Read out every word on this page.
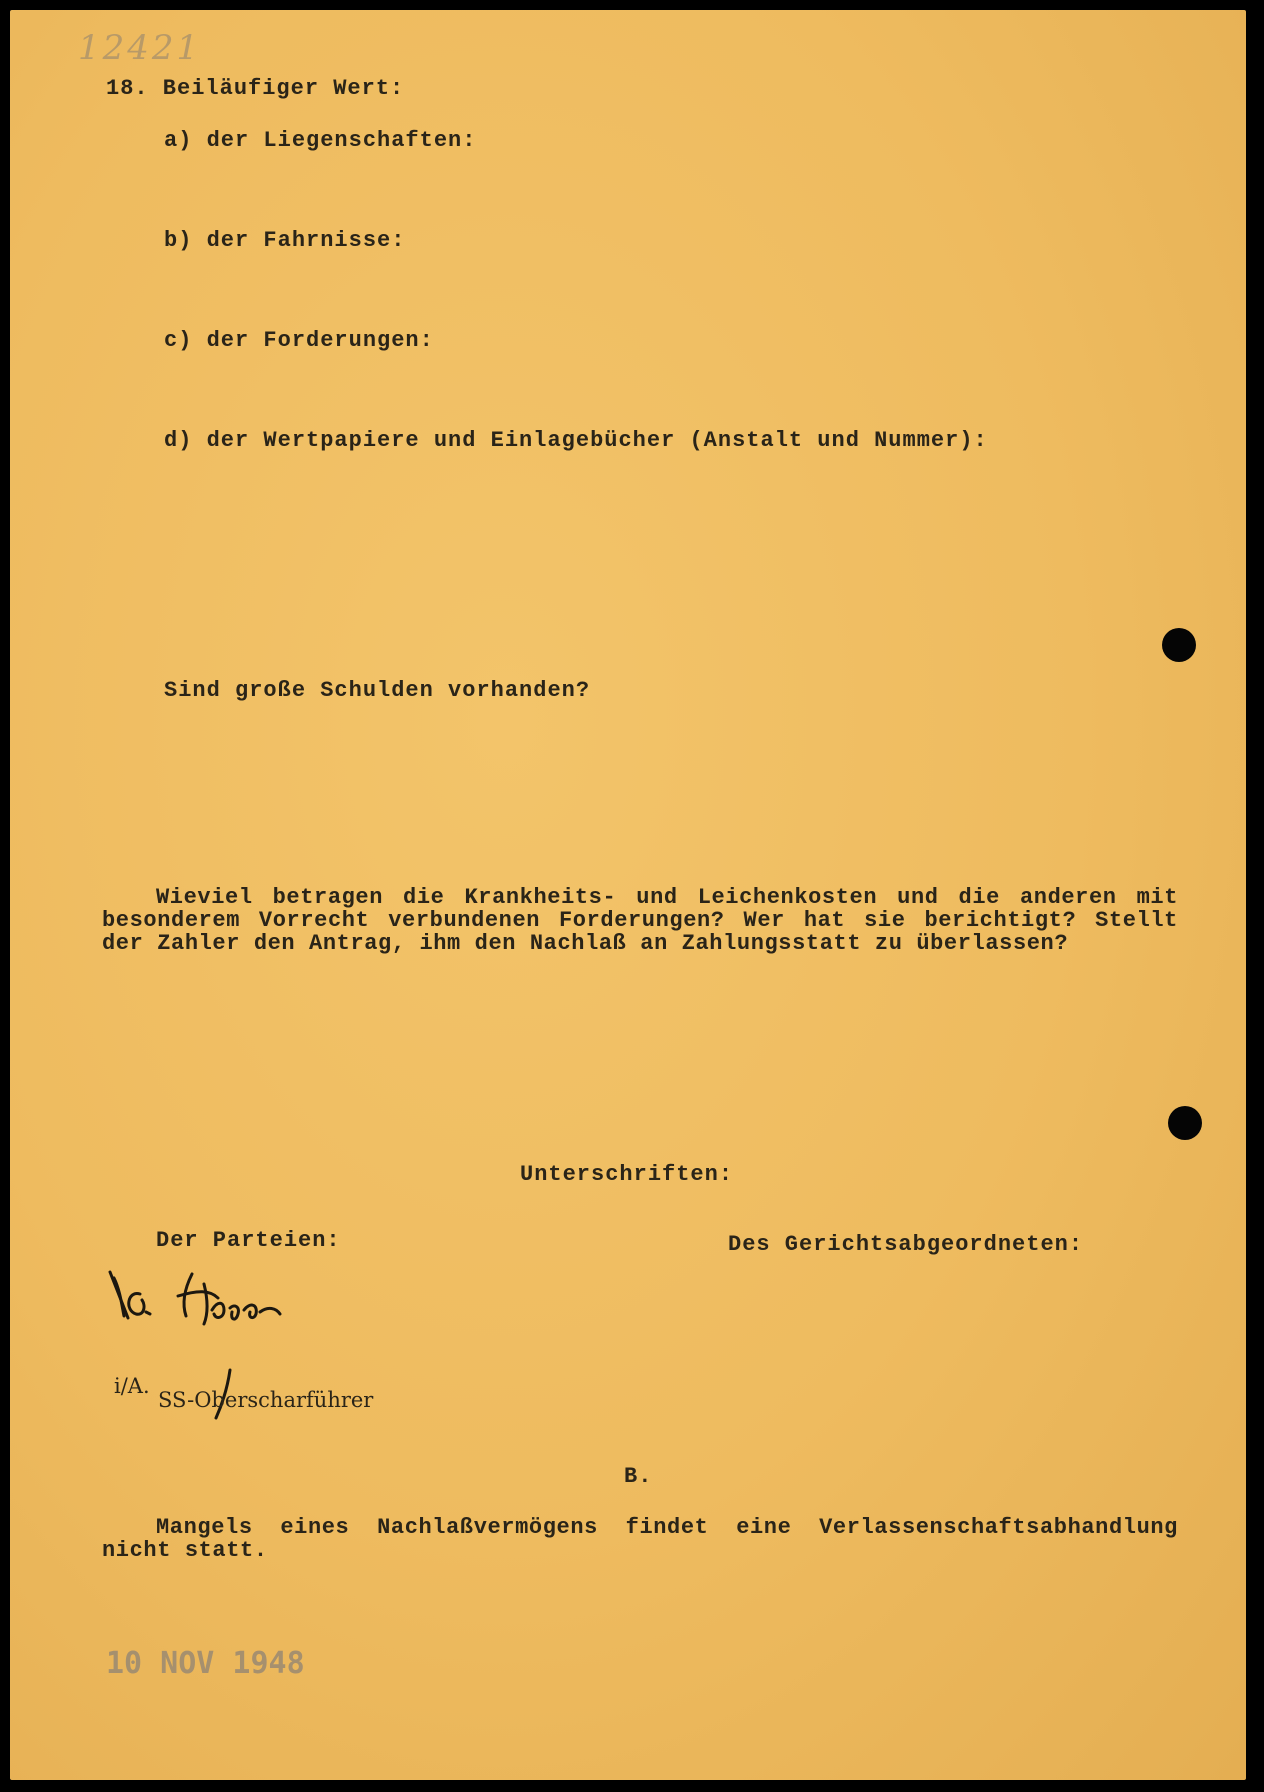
12421
18. Beiläufiger Wert:
a) der Liegenschaften:
b) der Fahrnisse:
c) der Forderungen:
d) der Wertpapiere und Einlagebücher (Anstalt und Nummer):
Sind große Schulden vorhanden?
Wieviel betragen die Krankheits- und Leichenkosten und die anderen mit besonderem Vorrecht verbundenen Forderungen? Wer hat sie berichtigt? Stellt der Zahler den Antrag, ihm den Nachlaß an Zahlungsstatt zu überlassen?
Unterschriften:
Der Parteien:	Des Gerichtsabgeordneten:
i/A.
SS-Oberscharführer
B.
Mangels eines Nachlaßvermögens findet eine Verlassenschaftsabhandlung nicht statt.
10 NOV 1948
